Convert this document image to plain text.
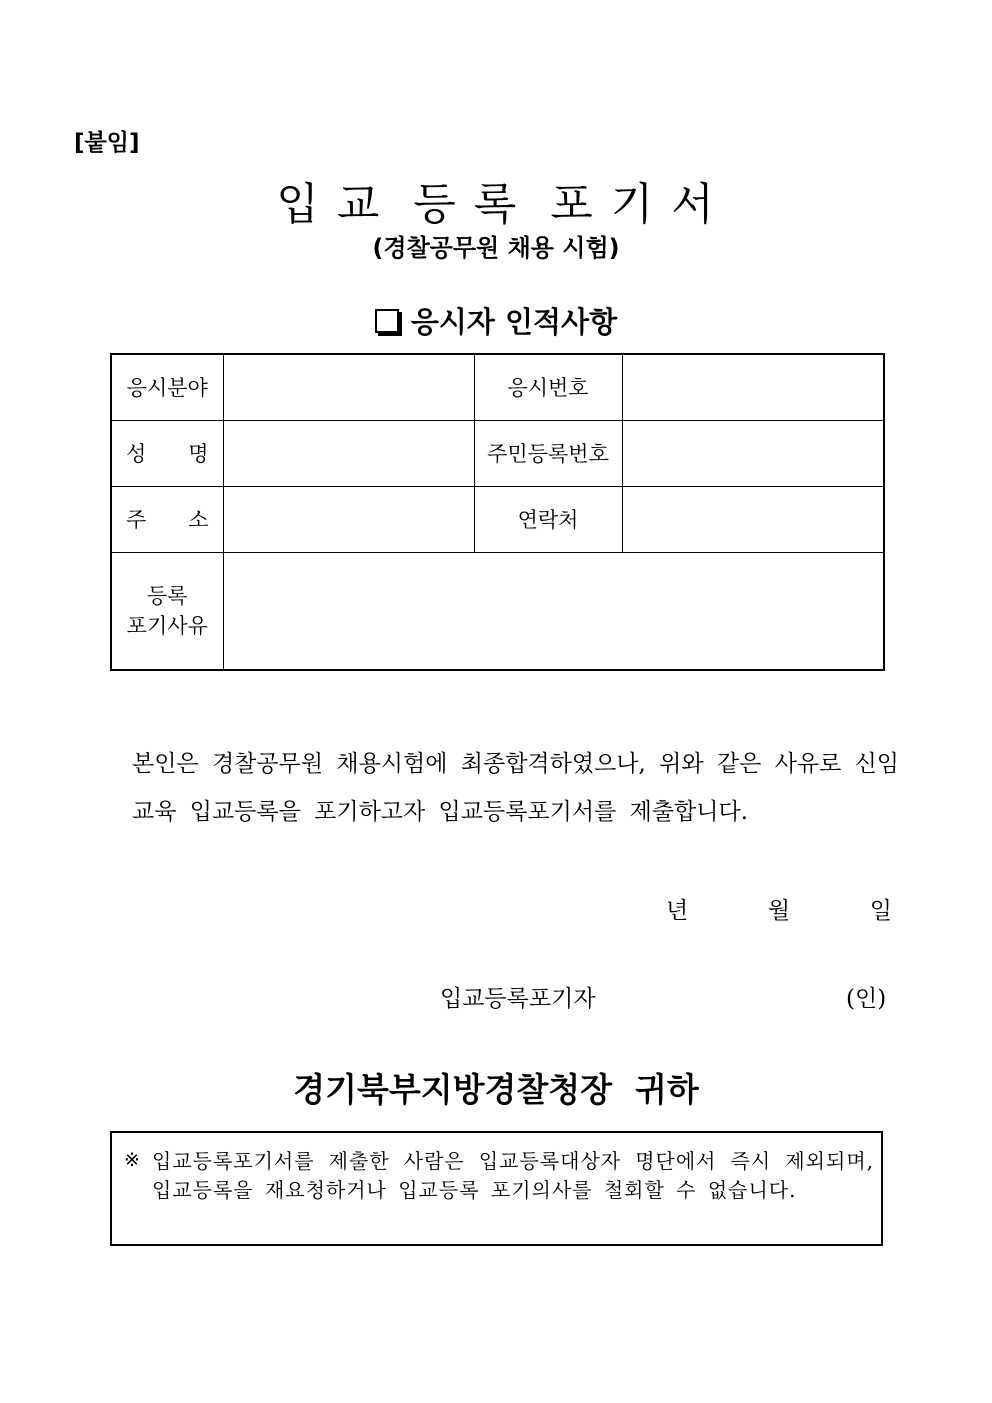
[붙임]
입 교  등 록  포 기 서
(경찰공무원 채용 시험)
응시자 인적사항
응시분야		응시번호	

성 명		주민등록번호	

주 소		연락처	

등록
포기사유			

본인은 경찰공무원 채용시험에 최종합격하였으나, 위와 같은 사유로 신임교육 입교등록을 포기하고자 입교등록포기서를 제출합니다.
년	월	일
입교등록포기자	(인)
경기북부지방경찰청장  귀하
※ 입교등록포기서를 제출한 사람은 입교등록대상자 명단에서 즉시 제외되며, 입교등록을 재요청하거나 입교등록 포기의사를 철회할 수 없습니다.
